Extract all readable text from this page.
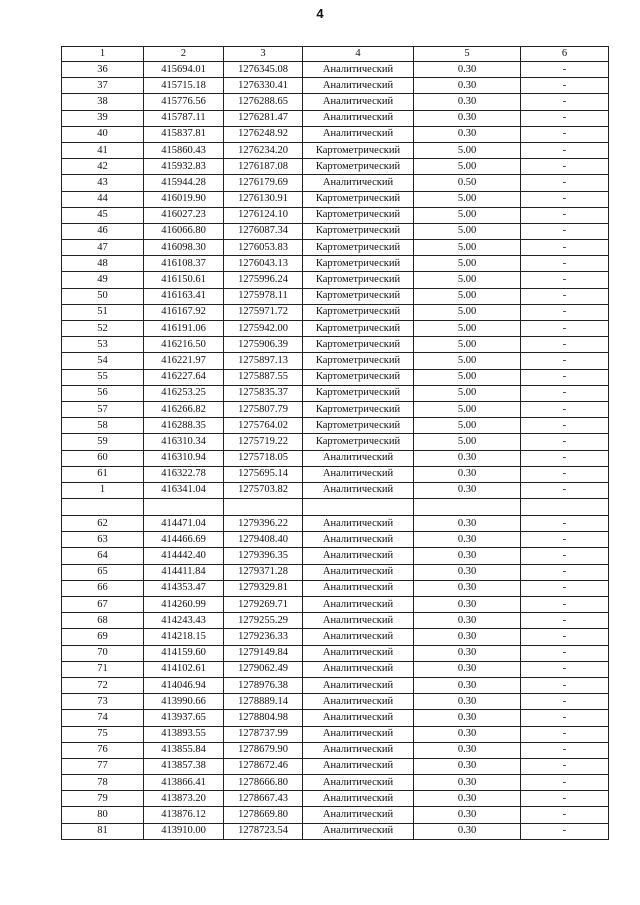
4
1	2	3	4	5	6
36	415694.01	1276345.08	Аналитический	0.30	-
37	415715.18	1276330.41	Аналитический	0.30	-
38	415776.56	1276288.65	Аналитический	0.30	-
39	415787.11	1276281.47	Аналитический	0.30	-
40	415837.81	1276248.92	Аналитический	0.30	-
41	415860.43	1276234.20	Картометрический	5.00	-
42	415932.83	1276187.08	Картометрический	5.00	-
43	415944.28	1276179.69	Аналитический	0.50	-
44	416019.90	1276130.91	Картометрический	5.00	-
45	416027.23	1276124.10	Картометрический	5.00	-
46	416066.80	1276087.34	Картометрический	5.00	-
47	416098.30	1276053.83	Картометрический	5.00	-
48	416108.37	1276043.13	Картометрический	5.00	-
49	416150.61	1275996.24	Картометрический	5.00	-
50	416163.41	1275978.11	Картометрический	5.00	-
51	416167.92	1275971.72	Картометрический	5.00	-
52	416191.06	1275942.00	Картометрический	5.00	-
53	416216.50	1275906.39	Картометрический	5.00	-
54	416221.97	1275897.13	Картометрический	5.00	-
55	416227.64	1275887.55	Картометрический	5.00	-
56	416253.25	1275835.37	Картометрический	5.00	-
57	416266.82	1275807.79	Картометрический	5.00	-
58	416288.35	1275764.02	Картометрический	5.00	-
59	416310.34	1275719.22	Картометрический	5.00	-
60	416310.94	1275718.05	Аналитический	0.30	-
61	416322.78	1275695.14	Аналитический	0.30	-
1	416341.04	1275703.82	Аналитический	0.30	-

62	414471.04	1279396.22	Аналитический	0.30	-
63	414466.69	1279408.40	Аналитический	0.30	-
64	414442.40	1279396.35	Аналитический	0.30	-
65	414411.84	1279371.28	Аналитический	0.30	-
66	414353.47	1279329.81	Аналитический	0.30	-
67	414260.99	1279269.71	Аналитический	0.30	-
68	414243.43	1279255.29	Аналитический	0.30	-
69	414218.15	1279236.33	Аналитический	0.30	-
70	414159.60	1279149.84	Аналитический	0.30	-
71	414102.61	1279062.49	Аналитический	0.30	-
72	414046.94	1278976.38	Аналитический	0.30	-
73	413990.66	1278889.14	Аналитический	0.30	-
74	413937.65	1278804.98	Аналитический	0.30	-
75	413893.55	1278737.99	Аналитический	0.30	-
76	413855.84	1278679.90	Аналитический	0.30	-
77	413857.38	1278672.46	Аналитический	0.30	-
78	413866.41	1278666.80	Аналитический	0.30	-
79	413873.20	1278667.43	Аналитический	0.30	-
80	413876.12	1278669.80	Аналитический	0.30	-
81	413910.00	1278723.54	Аналитический	0.30	-
